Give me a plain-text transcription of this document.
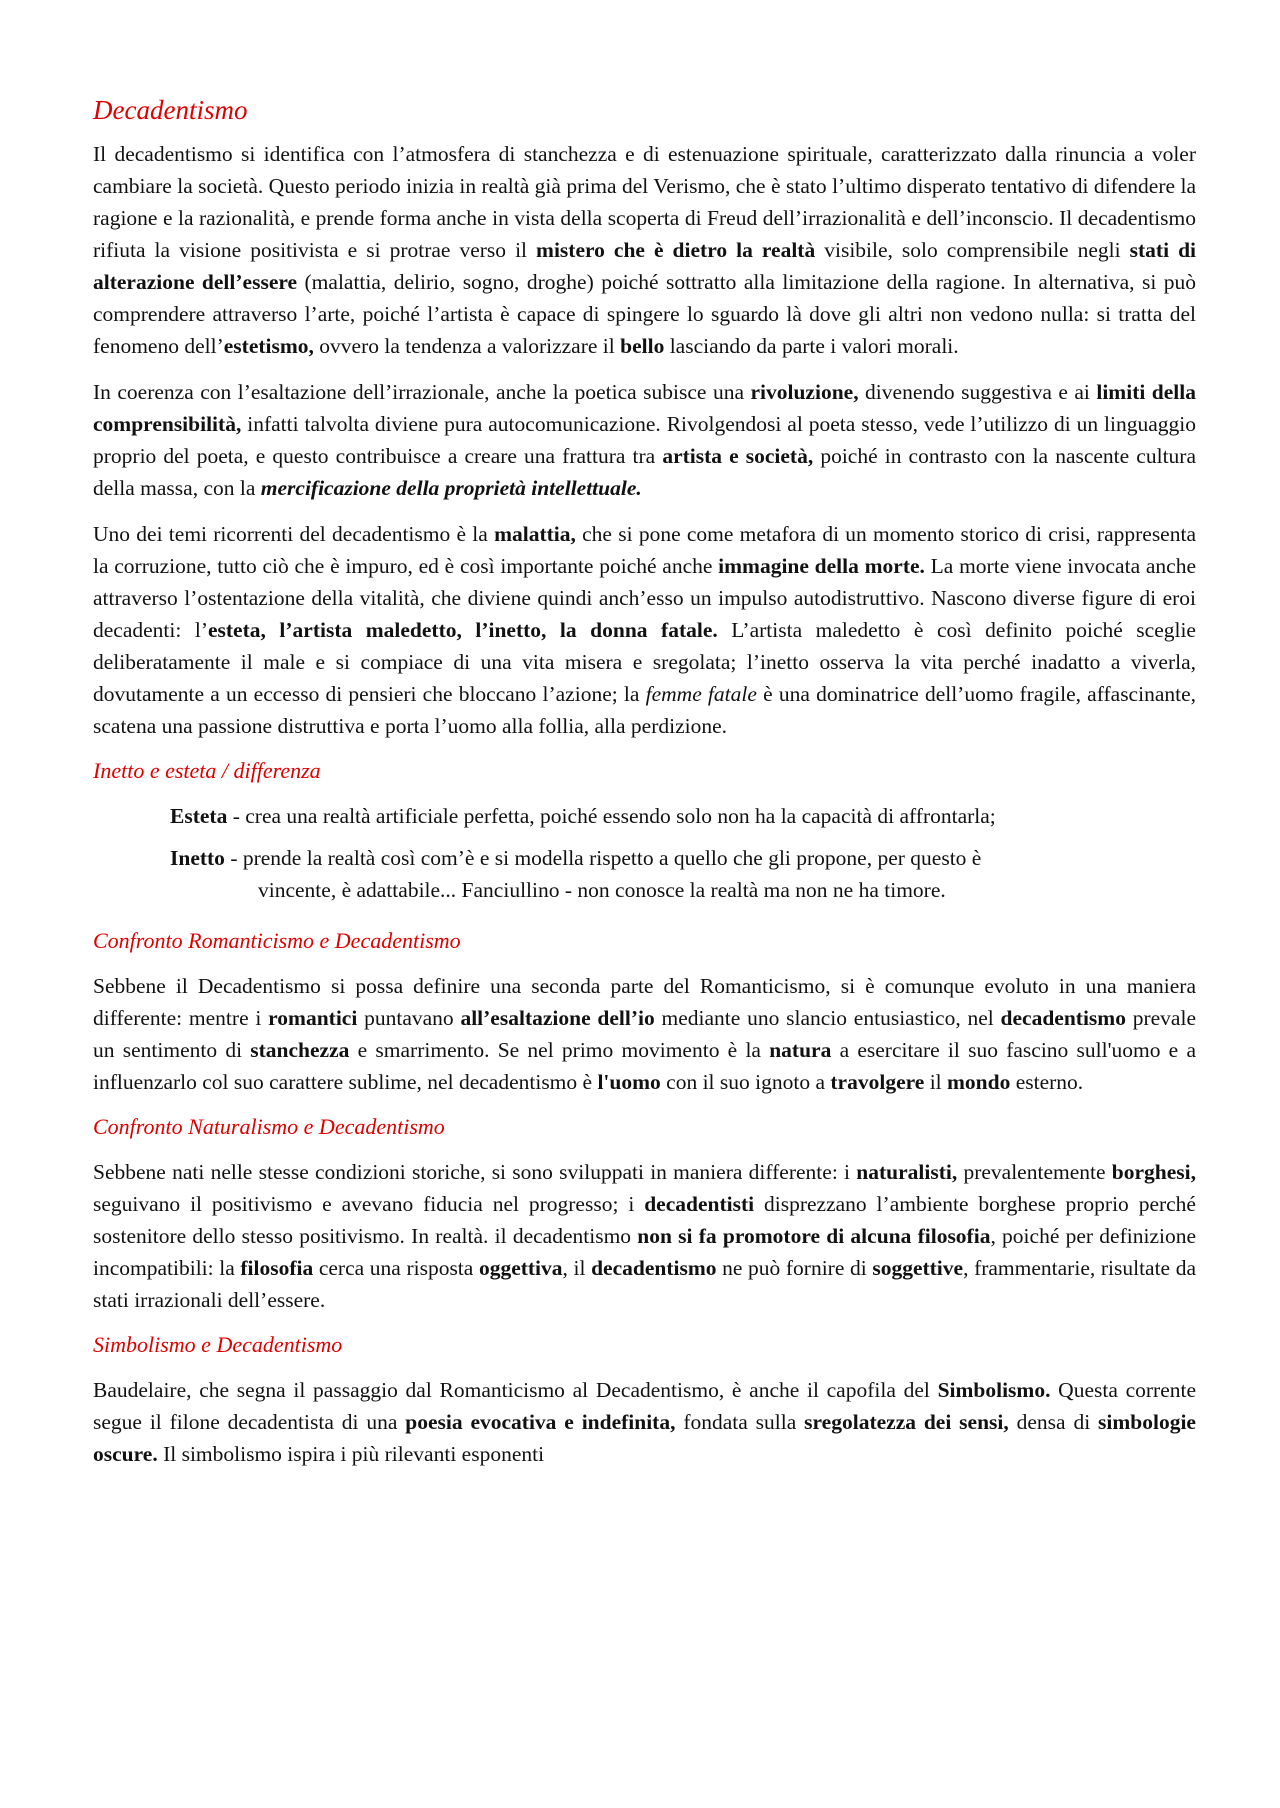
Decadentismo

Il decadentismo si identifica con l’atmosfera di stanchezza e di estenuazione spirituale, caratterizzato dalla rinuncia a voler cambiare la società. Questo periodo inizia in realtà già prima del Verismo, che è stato l’ultimo disperato tentativo di difendere la ragione e la razionalità, e prende forma anche in vista della scoperta di Freud dell’irrazionalità e dell’inconscio. Il decadentismo rifiuta la visione positivista e si protrae verso il mistero che è dietro la realtà visibile, solo comprensibile negli stati di alterazione dell’essere (malattia, delirio, sogno, droghe) poiché sottratto alla limitazione della ragione. In alternativa, si può comprendere attraverso l’arte, poiché l’artista è capace di spingere lo sguardo là dove gli altri non vedono nulla: si tratta del fenomeno dell’estetismo, ovvero la tendenza a valorizzare il bello lasciando da parte i valori morali.

In coerenza con l’esaltazione dell’irrazionale, anche la poetica subisce una rivoluzione, divenendo suggestiva e ai limiti della comprensibilità, infatti talvolta diviene pura autocomunicazione. Rivolgendosi al poeta stesso, vede l’utilizzo di un linguaggio proprio del poeta, e questo contribuisce a creare una frattura tra artista e società, poiché in contrasto con la nascente cultura della massa, con la mercificazione della proprietà intellettuale.

Uno dei temi ricorrenti del decadentismo è la malattia, che si pone come metafora di un momento storico di crisi, rappresenta la corruzione, tutto ciò che è impuro, ed è così importante poiché anche immagine della morte. La morte viene invocata anche attraverso l’ostentazione della vitalità, che diviene quindi anch’esso un impulso autodistruttivo. Nascono diverse figure di eroi decadenti: l’esteta, l’artista maledetto, l’inetto, la donna fatale. L’artista maledetto è così definito poiché sceglie deliberatamente il male e si compiace di una vita misera e sregolata; l’inetto osserva la vita perché inadatto a viverla, dovutamente a un eccesso di pensieri che bloccano l’azione; la femme fatale è una dominatrice dell’uomo fragile, affascinante, scatena una passione distruttiva e porta l’uomo alla follia, alla perdizione.

Inetto e esteta / differenza
Esteta - crea una realtà artificiale perfetta, poiché essendo solo non ha la capacità di affrontarla;
Inetto - prende la realtà così com’è e si modella rispetto a quello che gli propone, per questo è
vincente, è adattabile... Fanciullino - non conosce la realtà ma non ne ha timore.
Confronto Romanticismo e Decadentismo

Sebbene il Decadentismo si possa definire una seconda parte del Romanticismo, si è comunque evoluto in una maniera differente: mentre i romantici puntavano all’esaltazione dell’io mediante uno slancio entusiastico, nel decadentismo prevale un sentimento di stanchezza e smarrimento. Se nel primo movimento è la natura a esercitare il suo fascino sull'uomo e a influenzarlo col suo carattere sublime, nel decadentismo è l'uomo con il suo ignoto a travolgere il mondo esterno.

Confronto Naturalismo e Decadentismo

Sebbene nati nelle stesse condizioni storiche, si sono sviluppati in maniera differente: i naturalisti, prevalentemente borghesi, seguivano il positivismo e avevano fiducia nel progresso; i decadentisti disprezzano l’ambiente borghese proprio perché sostenitore dello stesso positivismo. In realtà. il decadentismo non si fa promotore di alcuna filosofia, poiché per definizione incompatibili: la filosofia cerca una risposta oggettiva, il decadentismo ne può fornire di soggettive, frammentarie, risultate da stati irrazionali dell’essere.

Simbolismo e Decadentismo

Baudelaire, che segna il passaggio dal Romanticismo al Decadentismo, è anche il capofila del Simbolismo. Questa corrente segue il filone decadentista di una poesia evocativa e indefinita, fondata sulla sregolatezza dei sensi, densa di simbologie oscure. Il simbolismo ispira i più rilevanti esponenti
